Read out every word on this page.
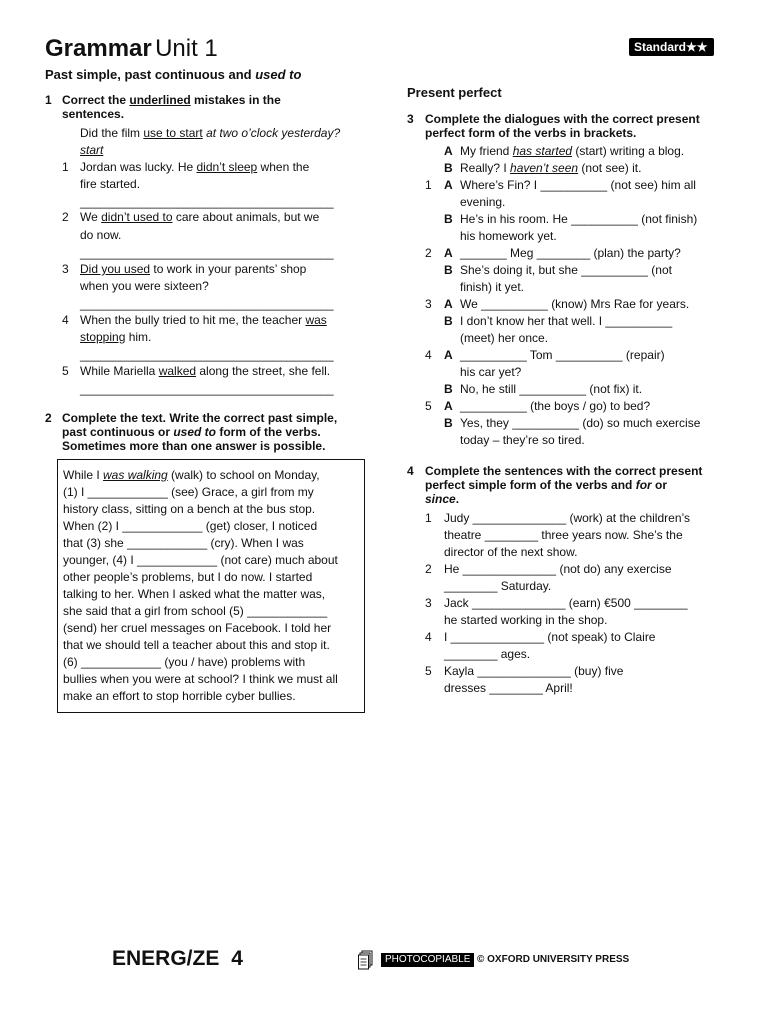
Grammar Unit 1	Standard★★
Past simple, past continuous and used to
1 Correct the underlined mistakes in the
sentences.
Did the film use to start at two o’clock yesterday?
start
1 Jordan was lucky. He didn’t sleep when the
fire started.
______________________________________
2 We didn’t used to care about animals, but we
do now.
______________________________________
3 Did you used to work in your parents’ shop
when you were sixteen?
______________________________________
4 When the bully tried to hit me, the teacher was
stopping him.
______________________________________
5 While Mariella walked along the street, she fell.
______________________________________
2 Complete the text. Write the correct past simple,
past continuous or used to form of the verbs.
Sometimes more than one answer is possible.
While I was walking (walk) to school on Monday,
(1) I ____________ (see) Grace, a girl from my
history class, sitting on a bench at the bus stop.
When (2) I ____________ (get) closer, I noticed
that (3) she ____________ (cry). When I was
younger, (4) I ____________ (not care) much about
other people’s problems, but I do now. I started
talking to her. When I asked what the matter was,
she said that a girl from school (5) ____________
(send) her cruel messages on Facebook. I told her
that we should tell a teacher about this and stop it.
(6) ____________ (you / have) problems with
bullies when you were at school? I think we must all
make an effort to stop horrible cyber bullies.
Present perfect
3 Complete the dialogues with the correct present
perfect form of the verbs in brackets.
A My friend has started (start) writing a blog.
B Really? I haven’t seen (not see) it.
1 A Where’s Fin? I __________ (not see) him all
evening.
B He’s in his room. He __________ (not finish)
his homework yet.
2 A _______ Meg ________ (plan) the party?
B She’s doing it, but she __________ (not
finish) it yet.
3 A We __________ (know) Mrs Rae for years.
B I don’t know her that well. I __________
(meet) her once.
4 A __________ Tom __________ (repair)
his car yet?
B No, he still __________ (not fix) it.
5 A __________ (the boys / go) to bed?
B Yes, they __________ (do) so much exercise
today – they’re so tired.
4 Complete the sentences with the correct present
perfect simple form of the verbs and for or
since.
1 Judy ______________ (work) at the children’s
theatre ________ three years now. She’s the
director of the next show.
2 He ______________ (not do) any exercise
________ Saturday.
3 Jack ______________ (earn) €500 ________
he started working in the shop.
4 I ______________ (not speak) to Claire
________ ages.
5 Kayla ______________ (buy) five
dresses ________ April!
ENERG/ZE 4	PHOTOCOPIABLE © OXFORD UNIVERSITY PRESS
